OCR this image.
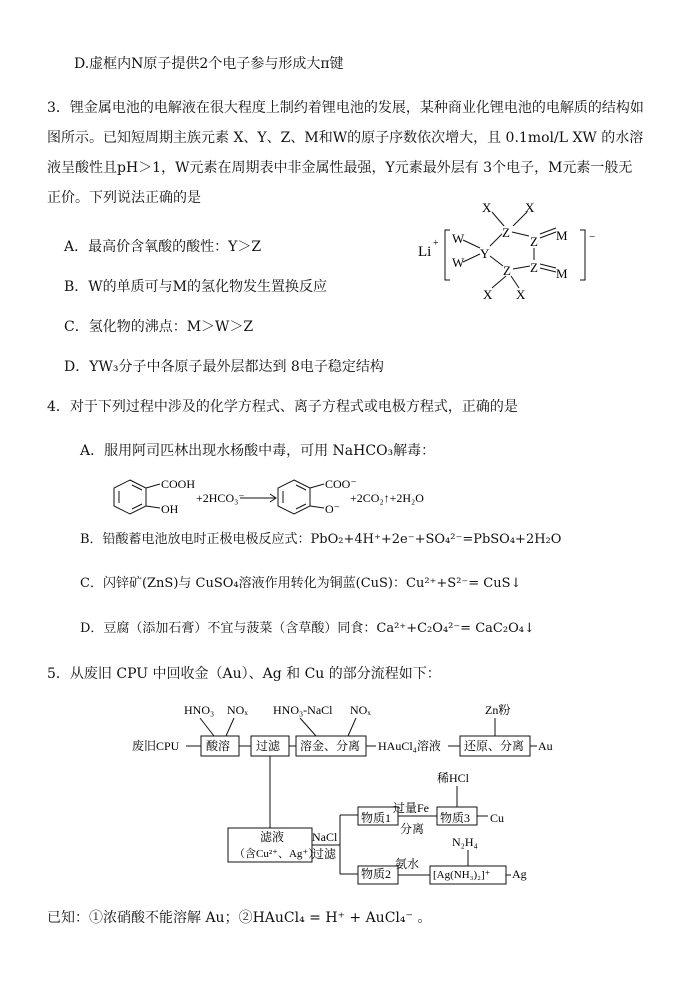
D.虚框内N原子提供2个电子参与形成大π键
3．锂金属电池的电解液在很大程度上制约着锂电池的发展，某种商业化锂电池的电解质的结构如
图所示。已知短周期主族元素 X、Y、Z、M和W的原子序数依次增大，且 0.1mol/L XW 的水溶
液呈酸性且pH＞1，W元素在周期表中非金属性最强，Y元素最外层有 3个电子，M元素一般无
正价。下列说法正确的是
A．最高价含氧酸的酸性：Y＞Z
B．W的单质可与M的氢化物发生置换反应
C．氢化物的沸点：M＞W＞Z
D．YW₃分子中各原子最外层都达到 8电子稳定结构
Li
+
−
X	X
Z
Z M
W
W
Y
Z Z M
X X
4．对于下列过程中涉及的化学方程式、离子方程式或电极方程式，正确的是
A．服用阿司匹林出现水杨酸中毒，可用 NaHCO₃解毒：
COOH
OH
+2HCO₃⁻
COO⁻
O⁻
+2CO₂↑+2H₂O
B．铅酸蓄电池放电时正极电极反应式：PbO₂+4H⁺+2e⁻+SO₄²⁻=PbSO₄+2H₂O
C．闪锌矿(ZnS)与 CuSO₄溶液作用转化为铜蓝(CuS)：Cu²⁺+S²⁻= CuS↓
D．豆腐（添加石膏）不宜与菠菜（含草酸）同食：Ca²⁺+C₂O₄²⁻= CaC₂O₄↓
5．从废旧 CPU 中回收金（Au）、Ag 和 Cu 的部分流程如下：
HNO₃ NOₓ HNO₃-NaCl NOₓ	Zn粉
废旧CPU 酸溶 过滤 溶金、分离 HAuCl₄溶液 还原、分离 Au
稀HCl
过量Fe
物质1	物质3 Cu
分离
滤液
（含Cu²⁺、Ag⁺）
NaCl
过滤
N₂H₄
氨水
物质2	[Ag(NH₃)₂]⁺ Ag
已知：①浓硝酸不能溶解 Au；②HAuCl₄ = H⁺ + AuCl₄⁻ 。
